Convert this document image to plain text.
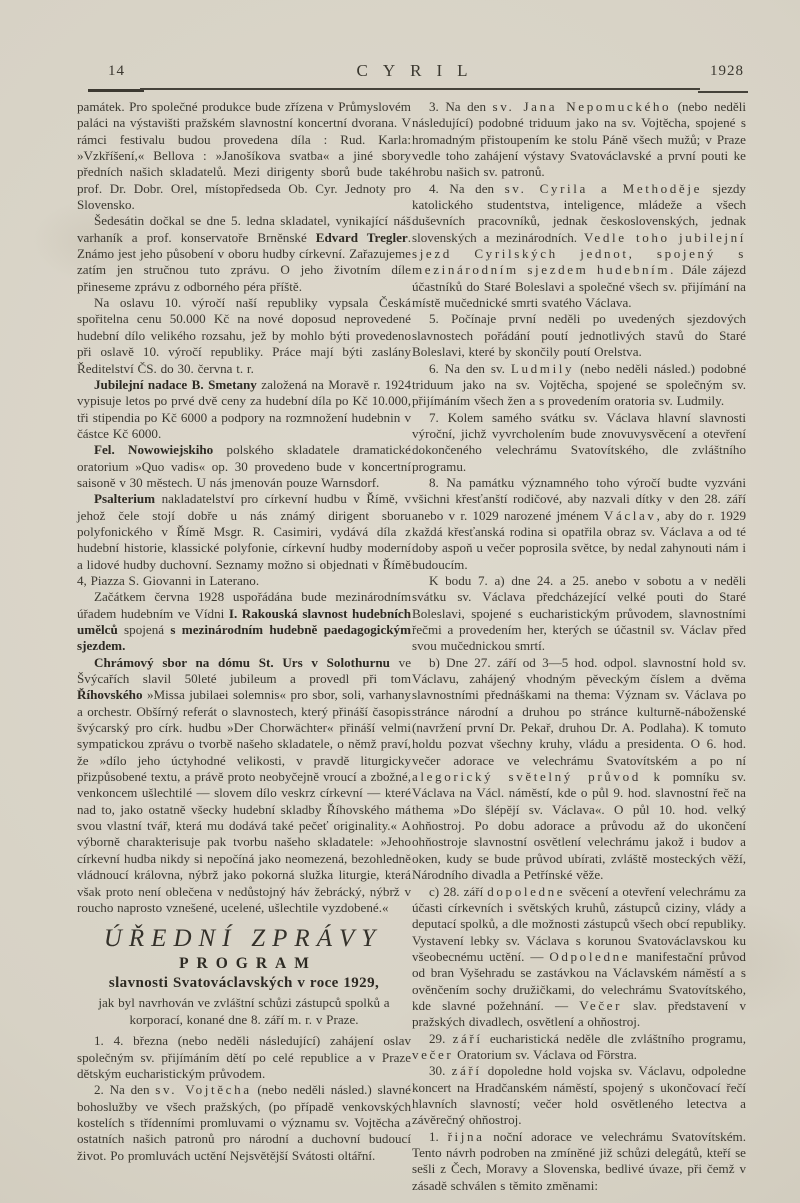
14	CYRIL	1928

památek. Pro společné produkce bude zřízena v Průmyslovém paláci na výstavišti pražském slavnostní koncertní dvorana. V rámci festivalu budou provedena díla : Rud. Karla: »Vzkříšení,« Bellova : »Janošíkova svatba« a jiné sbory předních našich skladatelů. Mezi dirigenty sborů bude také prof. Dr. Dobr. Orel, místopředseda Ob. Cyr. Jednoty pro Slovensko.

Šedesátin dočkal se dne 5. ledna skladatel, vynikající náš varhaník a prof. konservatoře Brněnské Edvard Tregler. Známo jest jeho působení v oboru hudby církevní. Zařazujeme zatím jen stručnou tuto zprávu. O jeho životním díle přineseme zprávu z odborného péra příště.

Na oslavu 10. výročí naší republiky vypsala Česká spořitelna cenu 50.000 Kč na nové doposud neprovedené hudební dílo velikého rozsahu, jež by mohlo býti provedeno při oslavě 10. výročí republiky. Práce mají býti zaslány Ředitelství ČS. do 30. června t. r.

Jubilejní nadace B. Smetany založená na Moravě r. 1924 vypisuje letos po prvé dvě ceny za hudební díla po Kč 10.000, tři stipendia po Kč 6000 a podpory na rozmnožení hudebnin v částce Kč 6000.

Fel. Nowowiejskiho polského skladatele dramatické oratorium »Quo vadis« op. 30 provedeno bude v koncertní saisoně v 30 městech. U nás jmenován pouze Warnsdorf.

Psalterium nakladatelství pro církevní hudbu v Římě, v jehož čele stojí dobře u nás známý dirigent sboru polyfonického v Římě Msgr. R. Casimiri, vydává díla z hudební historie, klassické polyfonie, církevní hudby moderní a lidové hudby duchovní. Seznamy možno si objednati v Římě 4, Piazza S. Giovanni in Laterano.

Začátkem června 1928 uspořádána bude mezinárodním úřadem hudebním ve Vídni I. Rakouská slavnost hudebních umělců spojená s mezinárodním hudebně paedagogickým sjezdem.

Chrámový sbor na dómu St. Urs v Solothurnu ve Švýcařích slavil 50leté jubileum a provedl při tom Říhovského »Missa jubilaei solemnis« pro sbor, soli, varhany a orchestr. Obšírný referát o slavnostech, který přináší časopis švýcarský pro círk. hudbu »Der Chorwächter« přináší velmi sympatickou zprávu o tvorbě našeho skladatele, o němž praví, že »dílo jeho úctyhodné velikosti, v pravdě liturgicky přizpůsobené textu, a právě proto neobyčejně vroucí a zbožné, venkoncem ušlechtilé — slovem dílo veskrz církevní — které nad to, jako ostatně všecky hudební skladby Říhovského má svou vlastní tvář, která mu dodává také pečeť originality.« A výborně charakterisuje pak tvorbu našeho skladatele: »Jeho církevní hudba nikdy si nepočíná jako neomezená, bezohledně vládnoucí královna, nýbrž jako pokorná služka liturgie, která však proto není oblečena v nedůstojný háv žebrácký, nýbrž v roucho naprosto vznešené, ucelené, ušlechtile vyzdobené.«

ÚŘEDNÍ ZPRÁVY
PROGRAM
slavnosti Svatováclavských v roce 1929,
jak byl navrhován ve zvláštní schůzi zástupců spolků a korporací, konané dne 8. září m. r. v Praze.

1. 4. března (nebo neděli následující) zahájení oslav společným sv. přijímáním dětí po celé republice a v Praze dětským eucharistickým průvodem.

2. Na den sv. Vojtěcha (nebo neděli násled.) slavné bohoslužby ve všech pražských, (po případě venkovských kostelích s třídenními promluvami o významu sv. Vojtěcha a ostatních našich patronů pro národní a duchovní budoucí život. Po promluvách uctění Nejsvětější Svátosti oltářní.

3. Na den sv. Jana Nepomuckého (nebo neděli následující) podobné triduum jako na sv. Vojtěcha, spojené s hromadným přistoupením ke stolu Páně všech mužů; v Praze vedle toho zahájení výstavy Svatováclavské a první pouti ke hrobu našich sv. patronů.

4. Na den sv. Cyrila a Methoděje sjezdy katolického studentstva, inteligence, mládeže a všech duševních pracovníků, jednak československých, jednak slovenských a mezinárodních. Vedle toho jubilejní sjezd Cyrilských jednot, spojený s mezinárodním sjezdem hudebním. Dále zájezd účastníků do Staré Boleslavi a společné všech sv. přijímání na místě mučednické smrti svatého Václava.

5. Počínaje první neděli po uvedených sjezdových slavnostech pořádání poutí jednotlivých stavů do Staré Boleslavi, které by skončily poutí Orelstva.

6. Na den sv. Ludmily (nebo neděli násled.) podobné triduum jako na sv. Vojtěcha, spojené se společným sv. přijímáním všech žen a s provedením oratoria sv. Ludmily.

7. Kolem samého svátku sv. Václava hlavní slavnosti výroční, jichž vyvrcholením bude znovuvysvěcení a otevření dokončeného velechrámu Svatovítského, dle zvláštního programu.

8. Na památku významného toho výročí budte vyzváni všichni křesťanští rodičové, aby nazvali dítky v den 28. září anebo v r. 1029 narozené jménem Václav, aby do r. 1929 každá křesťanská rodina si opatřila obraz sv. Václava a od té doby aspoň u večer poprosila světce, by nedal zahynouti nám i budoucím.

K bodu 7. a) dne 24. a 25. anebo v sobotu a v neděli svátku sv. Václava předcházející velké pouti do Staré Boleslavi, spojené s eucharistickým průvodem, slavnostními řečmi a provedením her, kterých se účastnil sv. Václav před svou mučednickou smrtí.

b) Dne 27. září od 3—5 hod. odpol. slavnostní hold sv. Václavu, zahájený vhodným pěveckým číslem a dvěma slavnostními přednáškami na thema: Význam sv. Václava po stránce národní a druhou po stránce kulturně-náboženské (navržení první Dr. Pekař, druhou Dr. A. Podlaha). K tomuto holdu pozvat všechny kruhy, vládu a presidenta. O 6. hod. večer adorace ve velechrámu Svatovítském a po ní alegorický světelný průvod k pomníku sv. Václava na Václ. náměstí, kde o půl 9. hod. slavnostní řeč na thema »Do šlépějí sv. Václava«. O půl 10. hod. velký ohňostroj. Po dobu adorace a průvodu až do ukončení ohňostroje slavnostní osvětlení velechrámu jakož i budov a oken, kudy se bude průvod ubírati, zvláště mosteckých věží, Národního divadla a Petřínské věže.

c) 28. září dopoledne svěcení a otevření velechrámu za účasti církevních i světských kruhů, zástupců ciziny, vlády a deputací spolků, a dle možnosti zástupců všech obcí republiky. Vystavení lebky sv. Václava s korunou Svatováclavskou ku všeobecnému uctění. — Odpoledne manifestační průvod od bran Vyšehradu se zastávkou na Václavském náměstí a s ověnčením sochy družičkami, do velechrámu Svatovítského, kde slavné požehnání. — Večer slav. představení v pražských divadlech, osvětlení a ohňostroj.

29. září eucharistická neděle dle zvláštního programu, večer Oratorium sv. Václava od Förstra.

30. září dopoledne hold vojska sv. Václavu, odpoledne koncert na Hradčanském náměstí, spojený s ukončovací řečí hlavních slavností; večer hold osvětleného letectva a závěrečný ohňostroj.

1. řijna noční adorace ve velechrámu Svatovítském. Tento návrh podroben na zmíněné již schůzi delegátů, kteří se sešli z Čech, Moravy a Slovenska, bedlivé úvaze, při čemž v zásadě schválen s těmito změnami:
